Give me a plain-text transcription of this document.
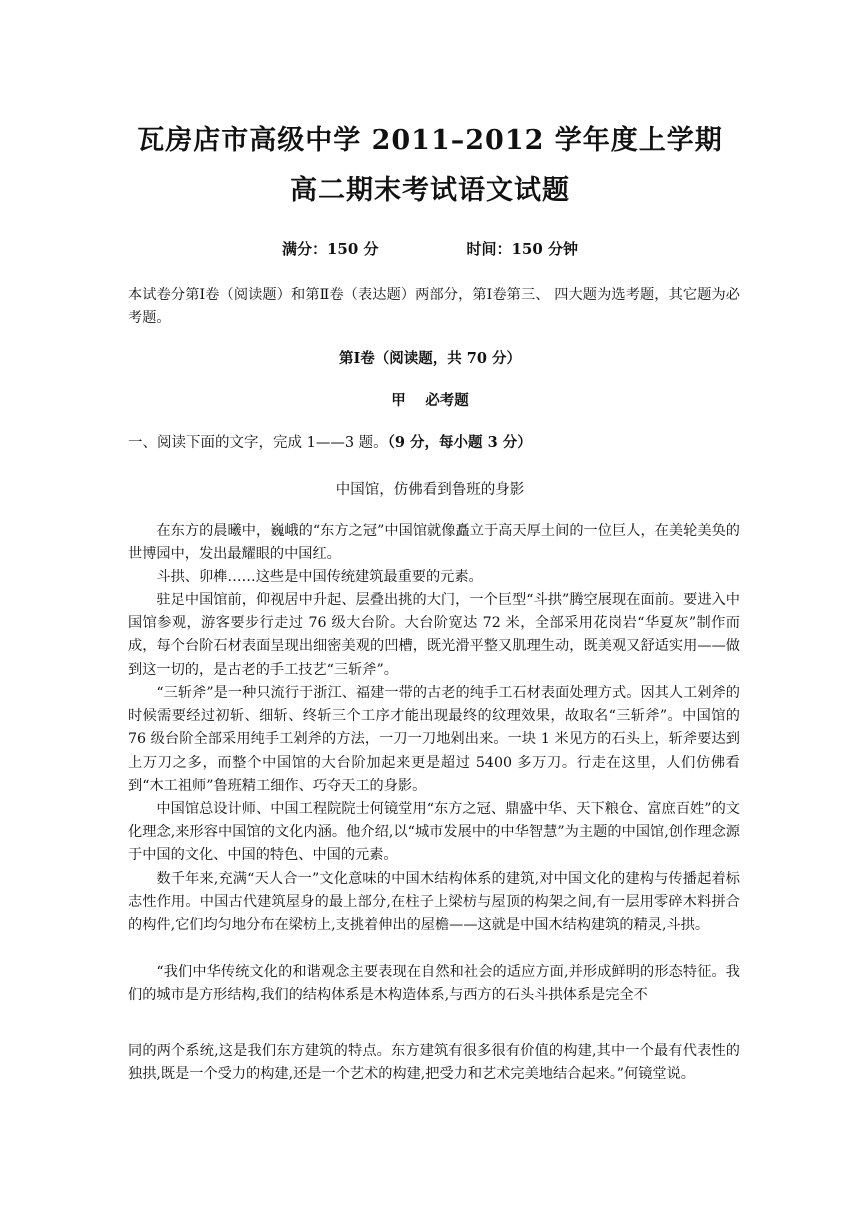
瓦房店市高级中学 2011–2012 学年度上学期
高二期末考试语文试题
满分：150 分	时间：150 分钟
本试卷分第Ⅰ卷（阅读题）和第Ⅱ卷（表达题）两部分，第Ⅰ卷第三、 四大题为选考题，其它题为必考题。
第Ⅰ卷（阅读题，共 70 分）
甲　 必考题
一、阅读下面的文字，完成 1——3 题。（9 分，每小题 3 分）
中国馆，仿佛看到鲁班的身影
在东方的晨曦中，巍峨的“东方之冠”中国馆就像矗立于高天厚土间的一位巨人，在美轮美奂的世博园中，发出最耀眼的中国红。
斗拱、卯榫……这些是中国传统建筑最重要的元素。
驻足中国馆前，仰视居中升起、层叠出挑的大门，一个巨型“斗拱”腾空展现在面前。要进入中国馆参观，游客要步行走过 76 级大台阶。大台阶宽达 72 米，全部采用花岗岩“华夏灰”制作而成，每个台阶石材表面呈现出细密美观的凹槽，既光滑平整又肌理生动，既美观又舒适实用——做到这一切的，是古老的手工技艺“三斩斧”。
“三斩斧”是一种只流行于浙江、福建一带的古老的纯手工石材表面处理方式。因其人工剁斧的时候需要经过初斩、细斩、终斩三个工序才能出现最终的纹理效果，故取名“三斩斧”。中国馆的 76 级台阶全部采用纯手工剁斧的方法，一刀一刀地剁出来。一块 1 米见方的石头上，斩斧要达到上万刀之多，而整个中国馆的大台阶加起来更是超过 5400 多万刀。行走在这里，人们仿佛看到“木工祖师”鲁班精工细作、巧夺天工的身影。
中国馆总设计师、中国工程院院士何镜堂用“东方之冠、鼎盛中华、天下粮仓、富庶百姓”的文化理念,来形容中国馆的文化内涵。他介绍,以“城市发展中的中华智慧”为主题的中国馆,创作理念源于中国的文化、中国的特色、中国的元素。
数千年来,充满“天人合一”文化意味的中国木结构体系的建筑,对中国文化的建构与传播起着标志性作用。中国古代建筑屋身的最上部分,在柱子上梁枋与屋顶的构架之间,有一层用零碎木料拼合的构件,它们均匀地分布在梁枋上,支挑着伸出的屋檐——这就是中国木结构建筑的精灵,斗拱。
“我们中华传统文化的和谐观念主要表现在自然和社会的适应方面,并形成鲜明的形态特征。我们的城市是方形结构,我们的结构体系是木构造体系,与西方的石头斗拱体系是完全不
同的两个系统,这是我们东方建筑的特点。东方建筑有很多很有价值的构建,其中一个最有代表性的独拱,既是一个受力的构建,还是一个艺术的构建,把受力和艺术完美地结合起来。”何镜堂说。
